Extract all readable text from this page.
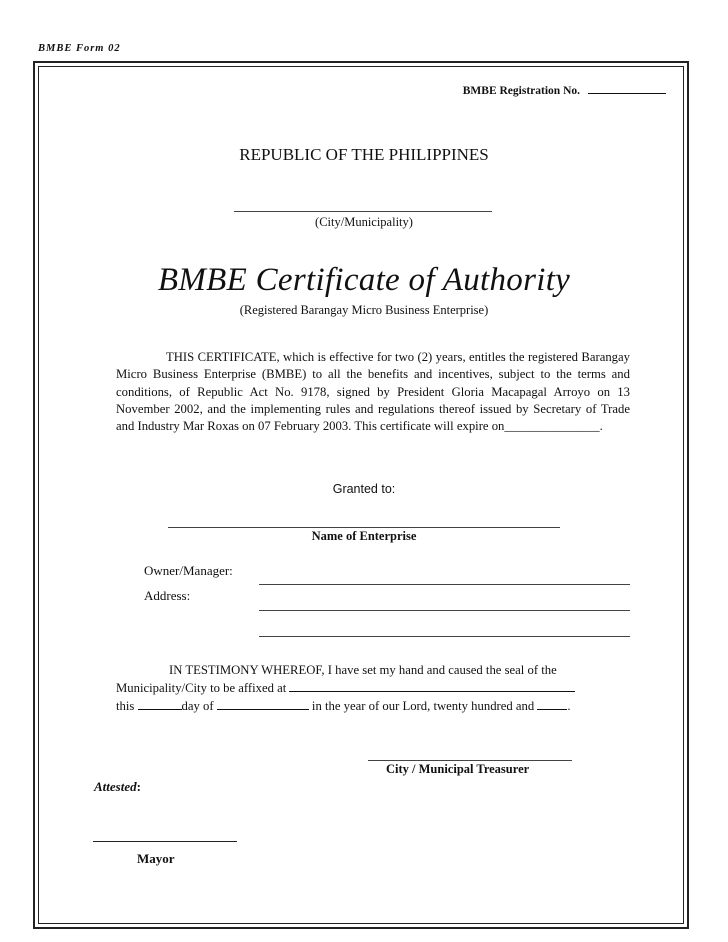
BMBE Form 02
BMBE Registration No.
REPUBLIC OF THE PHILIPPINES
(City/Municipality)
BMBE Certificate of Authority
(Registered Barangay Micro Business Enterprise)
THIS CERTIFICATE, which is effective for two (2) years, entitles the registered Barangay Micro Business Enterprise (BMBE) to all the benefits and incentives, subject to the terms and conditions, of Republic Act No. 9178, signed by President Gloria Macapagal Arroyo on 13 November 2002, and the implementing rules and regulations thereof issued by Secretary of Trade and Industry Mar Roxas on 07 February 2003. This certificate will expire on_______________.
Granted to:
Name of Enterprise
Owner/Manager:
Address:
IN TESTIMONY WHEREOF, I have set my hand and caused the seal of the
Municipality/City to be affixed at
this	day of	in the year of our Lord, twenty hundred and	.
City / Municipal Treasurer
Attested:
Mayor
